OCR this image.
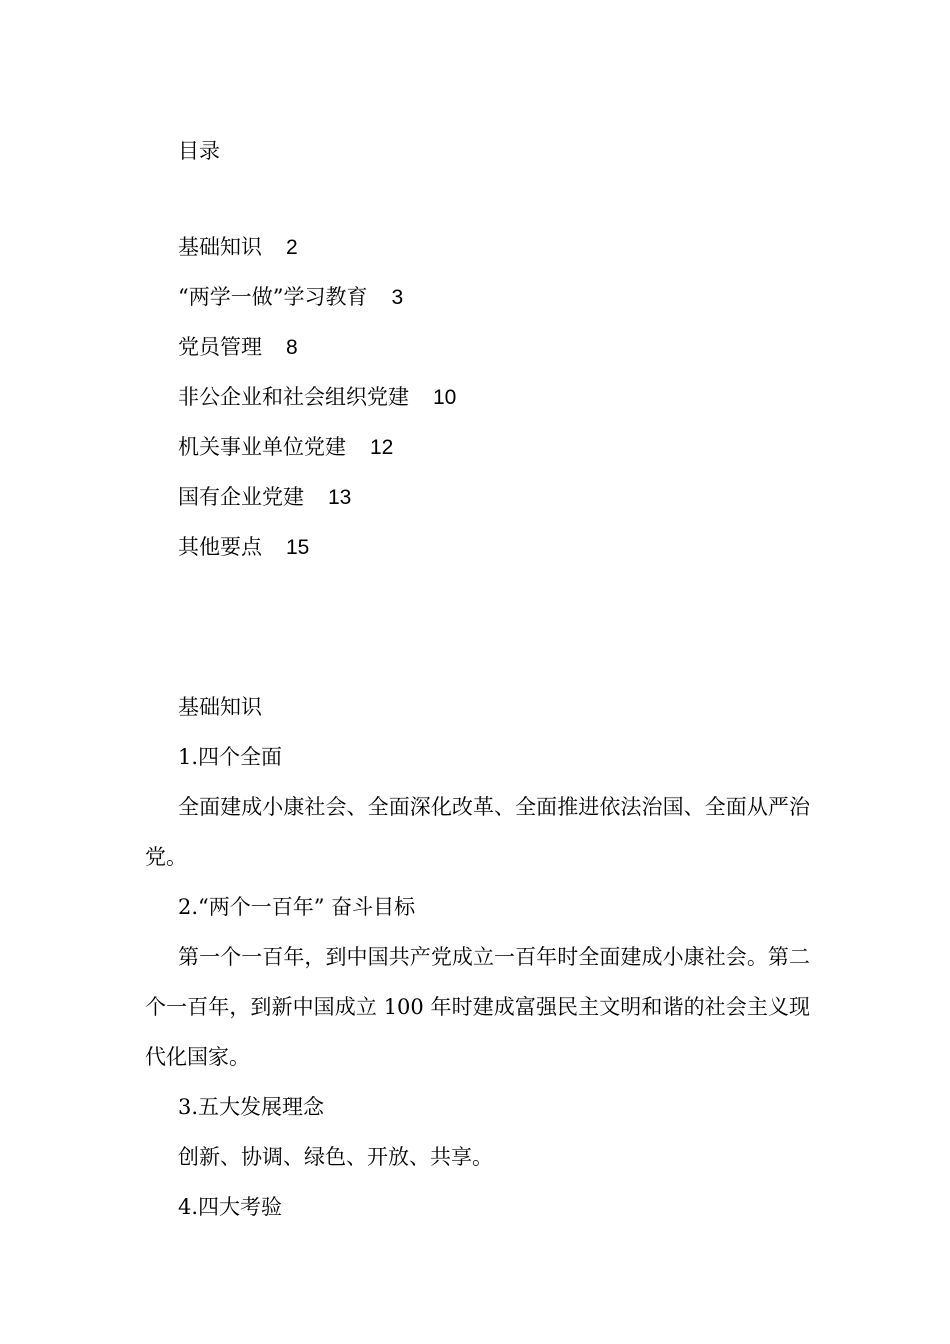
目录
基础知识 2
“两学一做”学习教育 3
党员管理 8
非公企业和社会组织党建 10
机关事业单位党建 12
国有企业党建 13
其他要点 15

基础知识

1.四个全面

全面建成小康社会、全面深化改革、全面推进依法治国、全面从严治党。

2.“两个一百年” 奋斗目标

第一个一百年，到中国共产党成立一百年时全面建成小康社会。第二个一百年，到新中国成立 100 年时建成富强民主文明和谐的社会主义现代化国家。

3.五大发展理念

创新、协调、绿色、开放、共享。

4.四大考验
